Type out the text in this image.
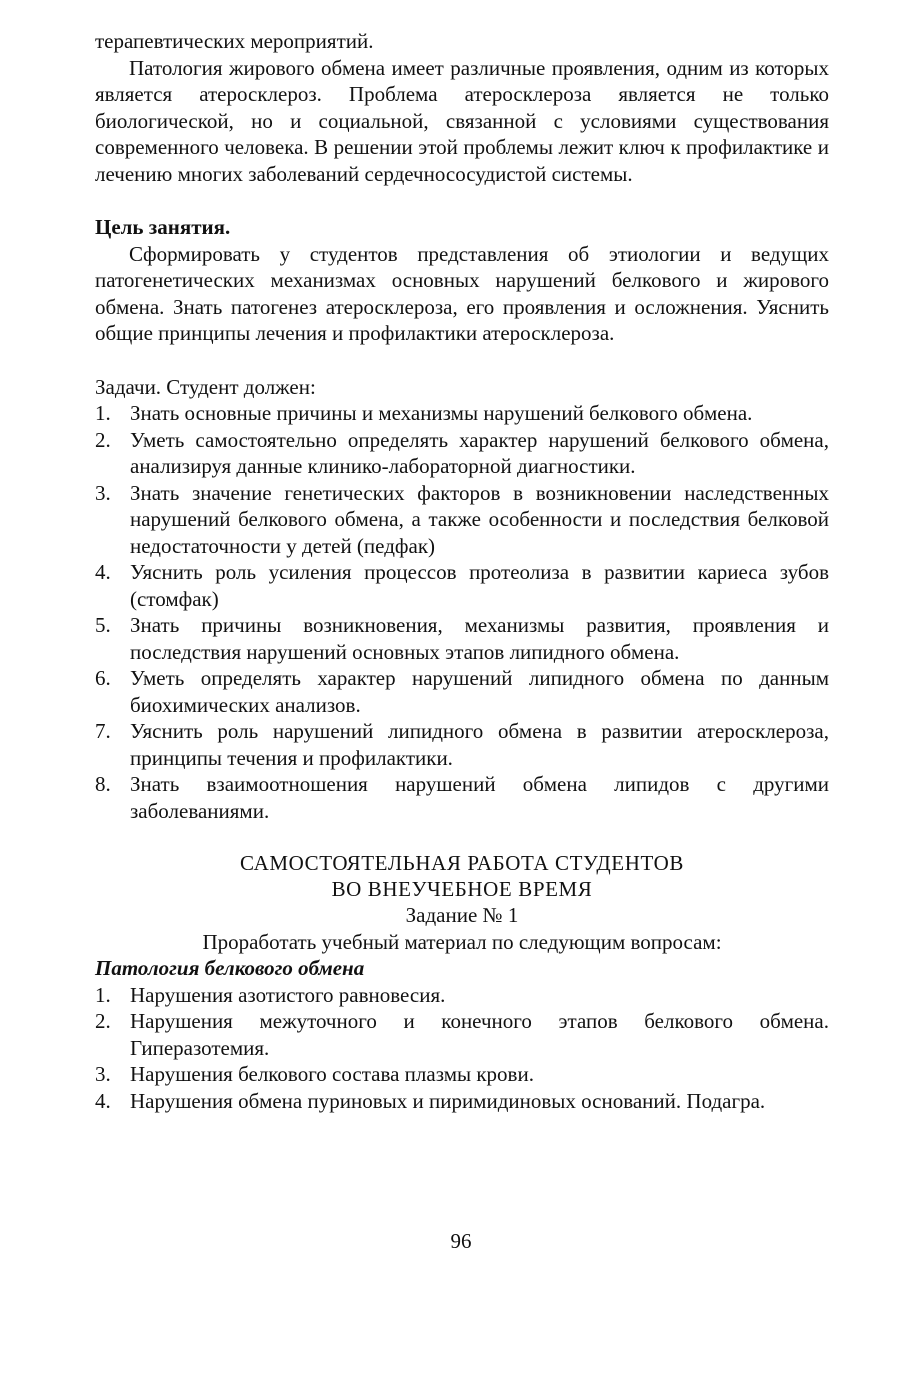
терапевтических мероприятий.

Патология жирового обмена имеет различные проявления, одним из которых является атеросклероз. Проблема атеросклероза является не только биологической, но и социальной, связанной с условиями существования современного человека. В решении этой проблемы лежит ключ к профилактике и лечению многих заболеваний сердечнососудистой системы.

Цель занятия.

Сформировать у студентов представления об этиологии и ведущих патогенетических механизмах основных нарушений белкового и жирового обмена. Знать патогенез атеросклероза, его проявления и осложнения. Уяснить общие принципы лечения и профилактики атеросклероза.

Задачи. Студент должен:

1. Знать основные причины и механизмы нарушений белкового обмена.
2. Уметь самостоятельно определять характер нарушений белкового обмена, анализируя данные клинико-лабораторной диагностики.
3. Знать значение генетических факторов в возникновении наследственных нарушений белкового обмена, а также особенности и последствия белковой недостаточности у детей (педфак)
4. Уяснить роль усиления процессов протеолиза в развитии кариеса зубов (стомфак)
5. Знать причины возникновения, механизмы развития, проявления и последствия нарушений основных этапов липидного обмена.
6. Уметь определять характер нарушений липидного обмена по данным биохимических анализов.
7. Уяснить роль нарушений липидного обмена в развитии атеросклероза, принципы течения и профилактики.
8. Знать взаимоотношения нарушений обмена липидов с другими заболеваниями.

САМОСТОЯТЕЛЬНАЯ РАБОТА СТУДЕНТОВ

ВО ВНЕУЧЕБНОЕ ВРЕМЯ

Задание № 1

Проработать учебный материал по следующим вопросам:

Патология белкового обмена

1. Нарушения азотистого равновесия.
2. Нарушения межуточного и конечного этапов белкового обмена. Гиперазотемия.
3. Нарушения белкового состава плазмы крови.
4. Нарушения обмена пуриновых и пиримидиновых оснований. Подагра.
96
